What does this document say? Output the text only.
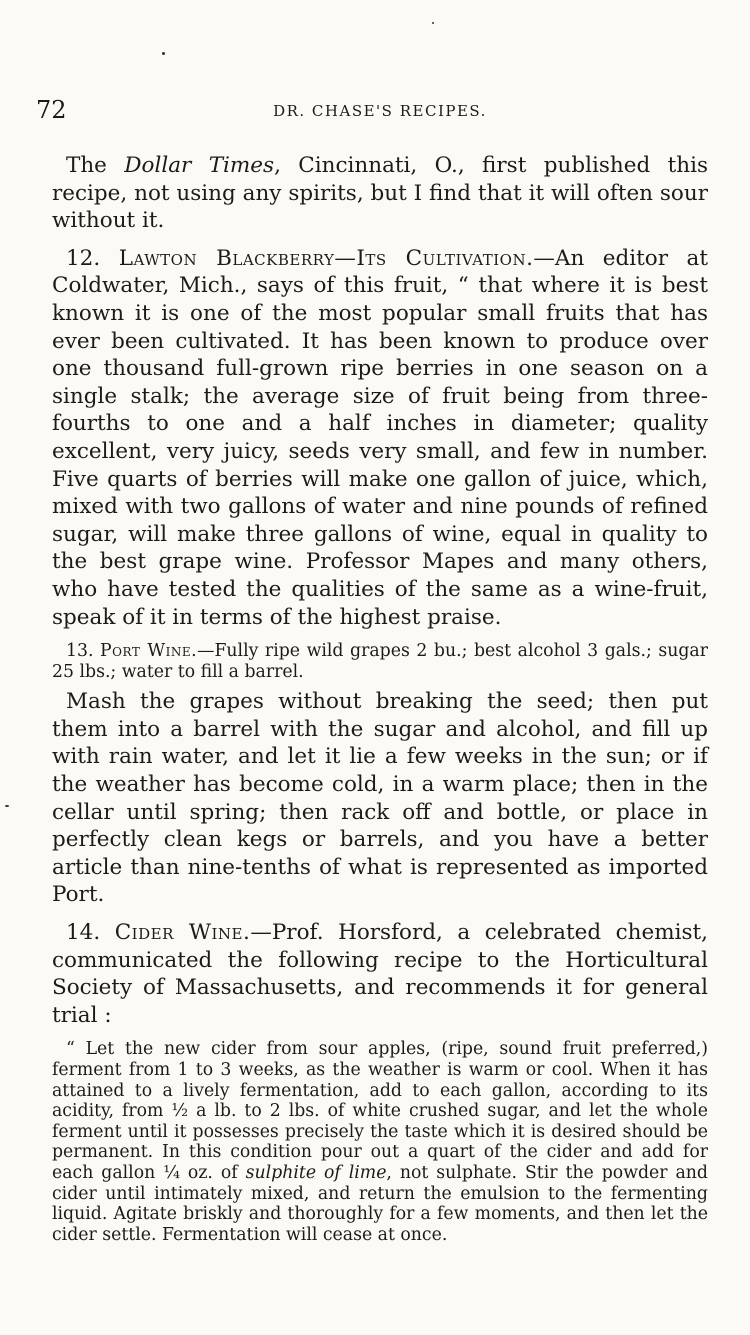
72	DR. CHASE'S RECIPES.

The Dollar Times, Cincinnati, O., first published this recipe, not using any spirits, but I find that it will often sour without it.

12. Lawton Blackberry—Its Cultivation.—An editor at Coldwater, Mich., says of this fruit, “ that where it is best known it is one of the most popular small fruits that has ever been cultivated. It has been known to produce over one thousand full-grown ripe berries in one season on a single stalk; the average size of fruit being from three-fourths to one and a half inches in diameter; quality excellent, very juicy, seeds very small, and few in number. Five quarts of berries will make one gallon of juice, which, mixed with two gallons of water and nine pounds of refined sugar, will make three gallons of wine, equal in quality to the best grape wine. Professor Mapes and many others, who have tested the qualities of the same as a wine-fruit, speak of it in terms of the highest praise.

13. Port Wine.—Fully ripe wild grapes 2 bu.; best alcohol 3 gals.; sugar 25 lbs.; water to fill a barrel.

Mash the grapes without breaking the seed; then put them into a barrel with the sugar and alcohol, and fill up with rain water, and let it lie a few weeks in the sun; or if the weather has become cold, in a warm place; then in the cellar until spring; then rack off and bottle, or place in perfectly clean kegs or barrels, and you have a better article than nine-tenths of what is represented as imported Port.

14. Cider Wine.—Prof. Horsford, a celebrated chemist, communicated the following recipe to the Horticultural Society of Massachusetts, and recommends it for general trial :

“ Let the new cider from sour apples, (ripe, sound fruit preferred,) ferment from 1 to 3 weeks, as the weather is warm or cool. When it has attained to a lively fermentation, add to each gallon, according to its acidity, from ½ a lb. to 2 lbs. of white crushed sugar, and let the whole ferment until it possesses precisely the taste which it is desired should be permanent. In this condition pour out a quart of the cider and add for each gallon ¼ oz. of sulphite of lime, not sulphate. Stir the powder and cider until intimately mixed, and return the emulsion to the fermenting liquid. Agitate briskly and thoroughly for a few moments, and then let the cider settle. Fermentation will cease at once.
